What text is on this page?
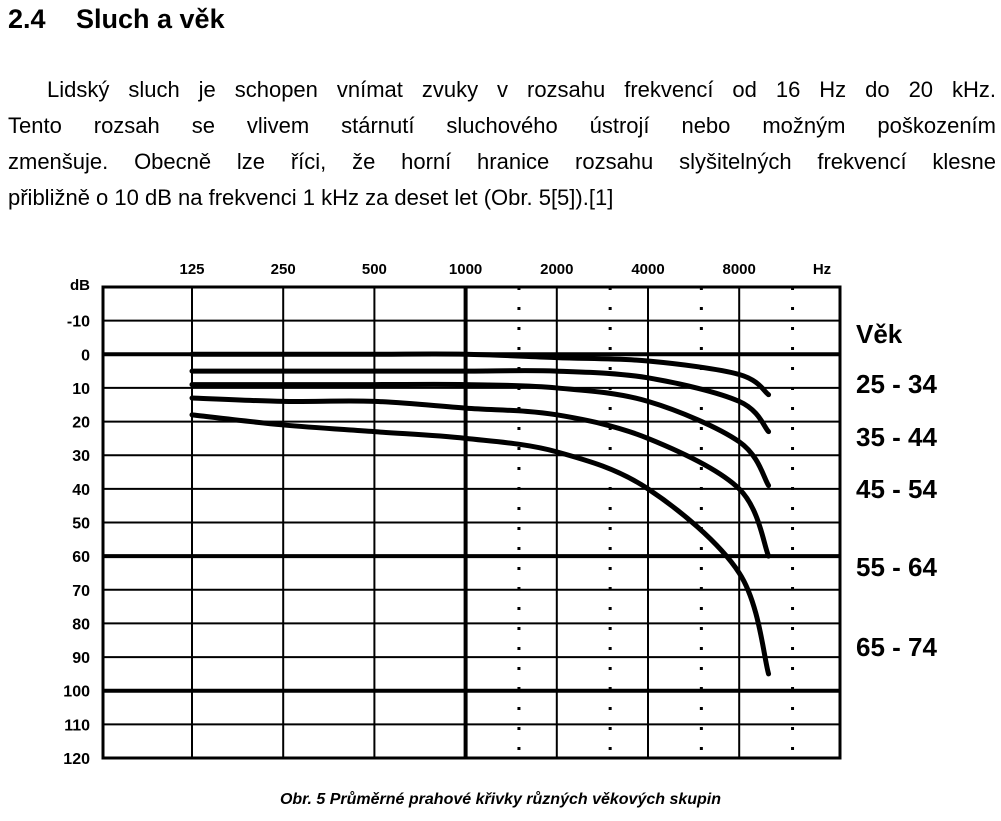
2.4 Sluch a věk

Lidský sluch je schopen vnímat zvuky v rozsahu frekvencí od 16 Hz do 20 kHz.
Tento rozsah se vlivem stárnutí sluchového ústrojí nebo možným poškozením
zmenšuje. Obecně lze říci, že horní hranice rozsahu slyšitelných frekvencí klesne
přibližně o 10 dB na frekvenci 1 kHz za deset let (Obr. 5[5]).[1]

125	250	500	1000	2000	4000	8000	Hz
dB
-10
0
10
20
30
40
50
60
70
80
90
100
110
120
Věk
25 - 34
35 - 44
45 - 54
55 - 64
65 - 74

Obr. 5 Průměrné prahové křivky různých věkových skupin
